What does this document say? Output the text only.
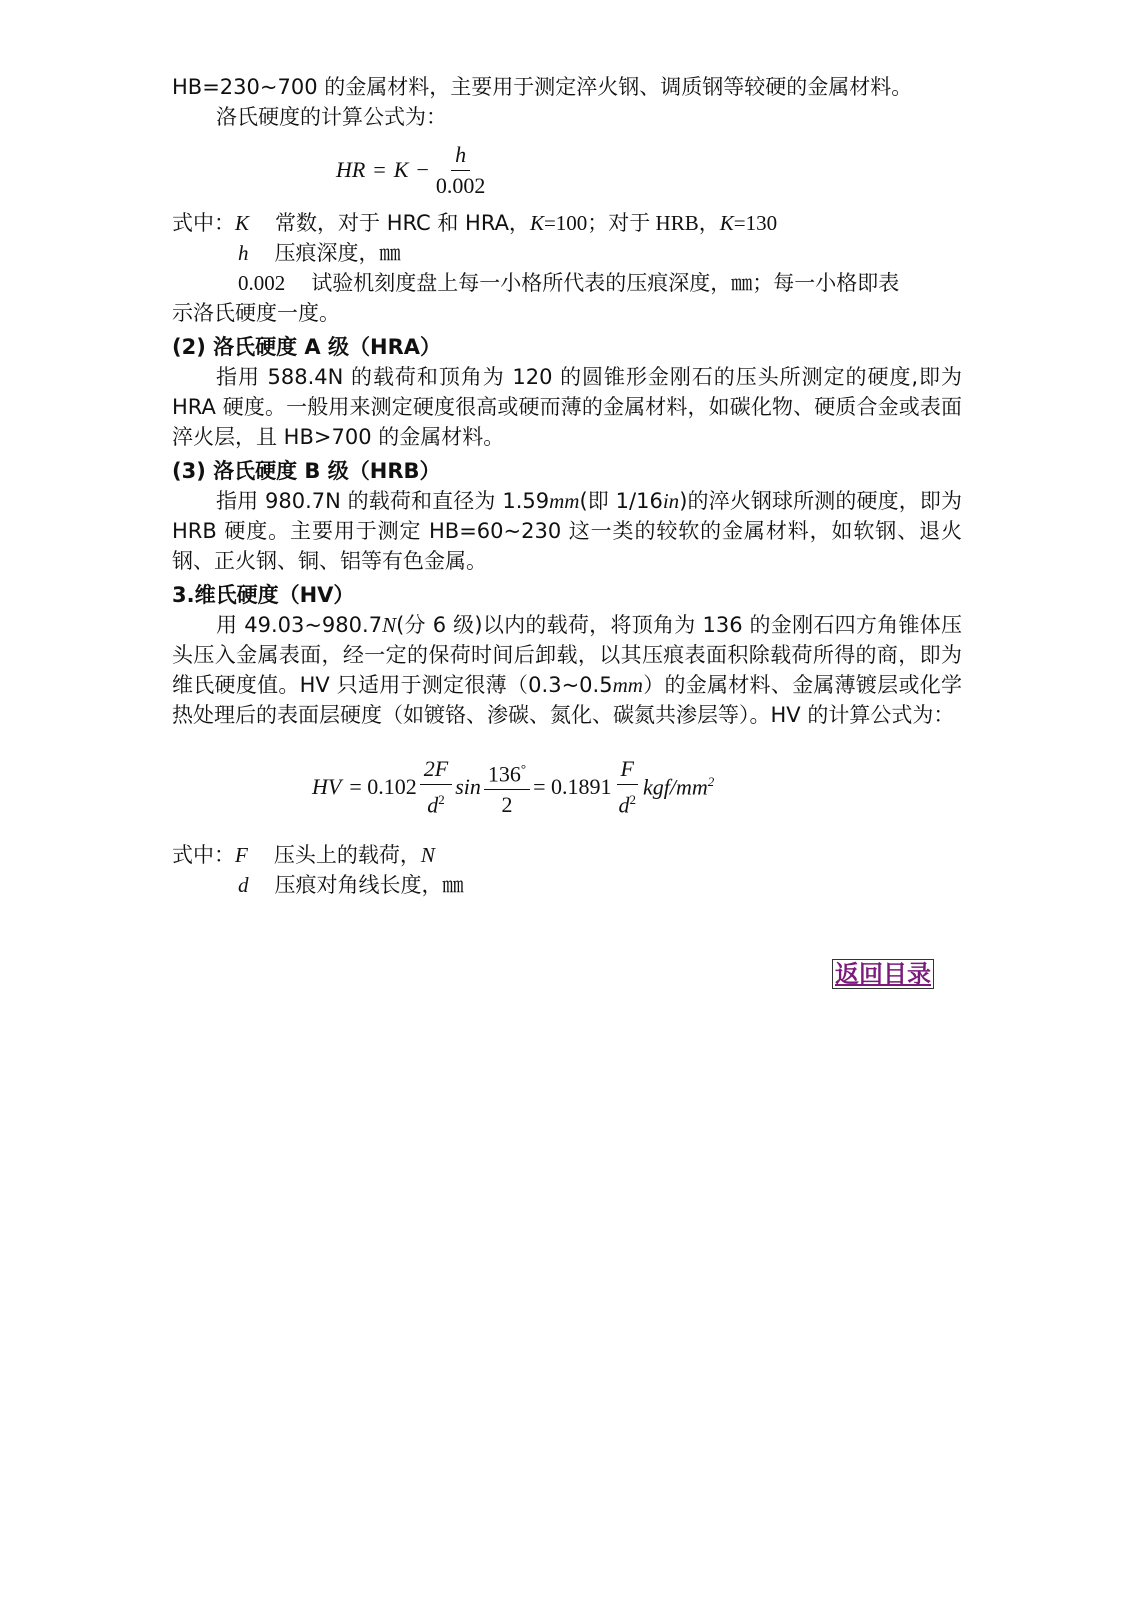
HB=230~700 的金属材料，主要用于测定淬火钢、调质钢等较硬的金属材料。
洛氏硬度的计算公式为：
HR = $K - \frac{h}{0.002}$
式中：K 常数，对于 HRC 和 HRA，K=100；对于 HRB，K=130
h 压痕深度，㎜
0.002 试验机刻度盘上每一小格所代表的压痕深度，㎜；每一小格即表
示洛氏硬度一度。
(2) 洛氏硬度 A 级（HRA）
指用 588.4N 的载荷和顶角为 120 的圆锥形金刚石的压头所测定的硬度,即为 HRA 硬度。一般用来测定硬度很高或硬而薄的金属材料，如碳化物、硬质合金或表面淬火层，且 HB>700 的金属材料。
(3) 洛氏硬度 B 级（HRB）
指用 980.7N 的载荷和直径为 1.59mm(即 1/16in)的淬火钢球所测的硬度，即为 HRB 硬度。主要用于测定 HB=60~230 这一类的较软的金属材料，如软钢、退火钢、正火钢、铜、铝等有色金属。
3.维氏硬度（HV）
用 49.03~980.7N(分 6 级)以内的载荷，将顶角为 136 的金刚石四方角锥体压头压入金属表面，经一定的保荷时间后卸载，以其压痕表面积除载荷所得的商，即为维氏硬度值。HV 只适用于测定很薄（0.3~0.5mm）的金属材料、金属薄镀层或化学热处理后的表面层硬度（如镀铬、渗碳、氮化、碳氮共渗层等）。HV 的计算公式为：
HV = $0.102 \frac{2F}{d^2}$ $\sin \frac{136^\circ}{2} = 0.1891 \frac{F}{d^2} kgf/mm^2$
式中：F 压头上的载荷，N
d 压痕对角线长度，㎜
返回目录
